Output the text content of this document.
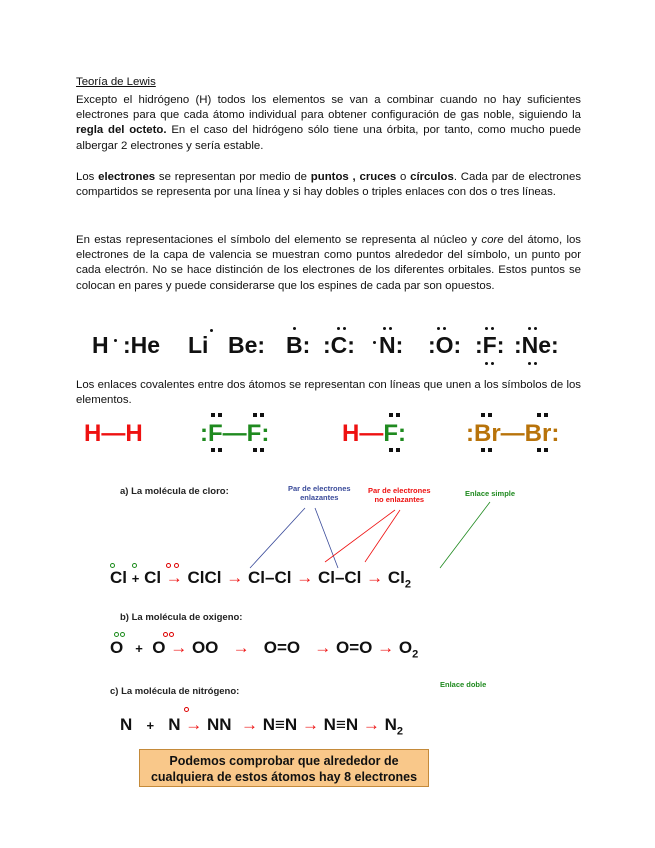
Teoría de Lewis

Excepto el hidrógeno (H) todos los elementos se van a combinar cuando no hay suficientes electrones para que cada átomo individual para obtener configuración de gas noble, siguiendo la regla del octeto. En el caso del hidrógeno sólo tiene una órbita, por tanto, como mucho puede albergar 2 electrones y sería estable.

Los electrones se representan por medio de puntos , cruces o círculos. Cada par de electrones compartidos se representa por una línea y si hay dobles o triples enlaces con dos o tres líneas.

En estas representaciones el símbolo del elemento se representa al núcleo y core del átomo, los electrones de la capa de valencia se muestran como puntos alrededor del símbolo, un punto por cada electrón. No se hace distinción de los electrones de los diferentes orbitales. Estos puntos se colocan en pares y puede considerarse que los espines de cada par son opuestos.

H :He Li Be: B: :C: N: :O: :F: :Ne:

Los enlaces covalentes entre dos átomos se representan con líneas que unen a los símbolos de los elementos.

H—H :F—F:	H—F:	:Br—Br:
a) La molécula de cloro:	Par de electrones
enlazantes
Par de electrones
no enlazantes
Enlace simple
Cl + Cl → ClCl → $Cl-Cl \to Cl-Cl \to Cl_2$
b) La molécula de oxigeno:
O + O → OO → $O=O \to O=O \to O_2$
Enlace doble
c) La molécula de nitrógeno:
N + N → NN → $N\equiv N \to N\equiv N \to N_2$
Podemos comprobar que alrededor de
cualquiera de estos átomos hay 8 electrones
